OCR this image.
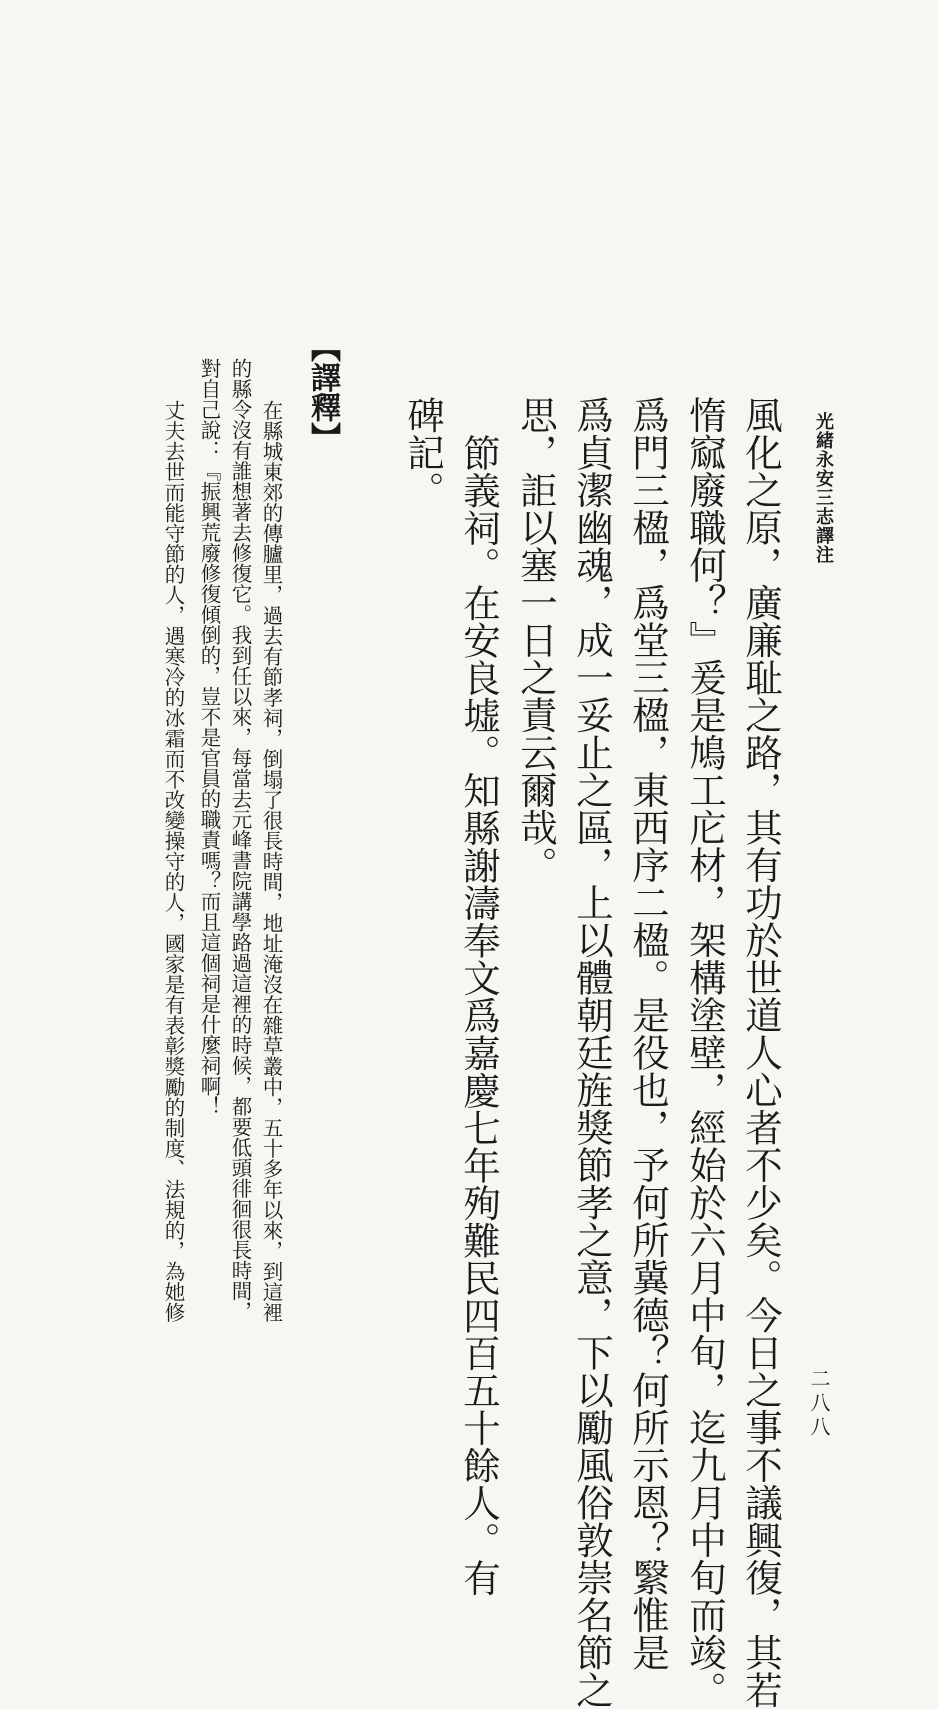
光緒永安三志譯注
二八八

風化之原，廣廉耻之路，其有功於世道人心者不少矣。今日之事不議興復，其若

惰窳廢職何？』爰是鳩工庀材，架構塗壁，經始於六月中旬，迄九月中旬而竣。

爲門三楹，爲堂三楹，東西序二楹。是役也，予何所冀德？何所示恩？繄惟是

爲貞潔幽魂，成一妥止之區，上以體朝廷旌獎節孝之意，下以勵風俗敦崇名節之

思，詎以塞一日之責云爾哉。

節義祠。在安良墟。知縣謝濤奉文爲嘉慶七年殉難民四百五十餘人。有

碑記。

【譯釋】

在縣城東郊的傳臚里，過去有節孝祠，倒塌了很長時間，地址淹沒在雜草叢中，五十多年以來，到這裡

的縣令沒有誰想著去修復它。我到任以來，每當去元峰書院講學路過這裡的時候，都要低頭徘徊很長時間，

對自己說：『振興荒廢修復傾倒的，豈不是官員的職責嗎？而且這個祠是什麼祠啊！

丈夫去世而能守節的人，遇寒冷的冰霜而不改變操守的人，國家是有表彰獎勵的制度、法規的，為她修
